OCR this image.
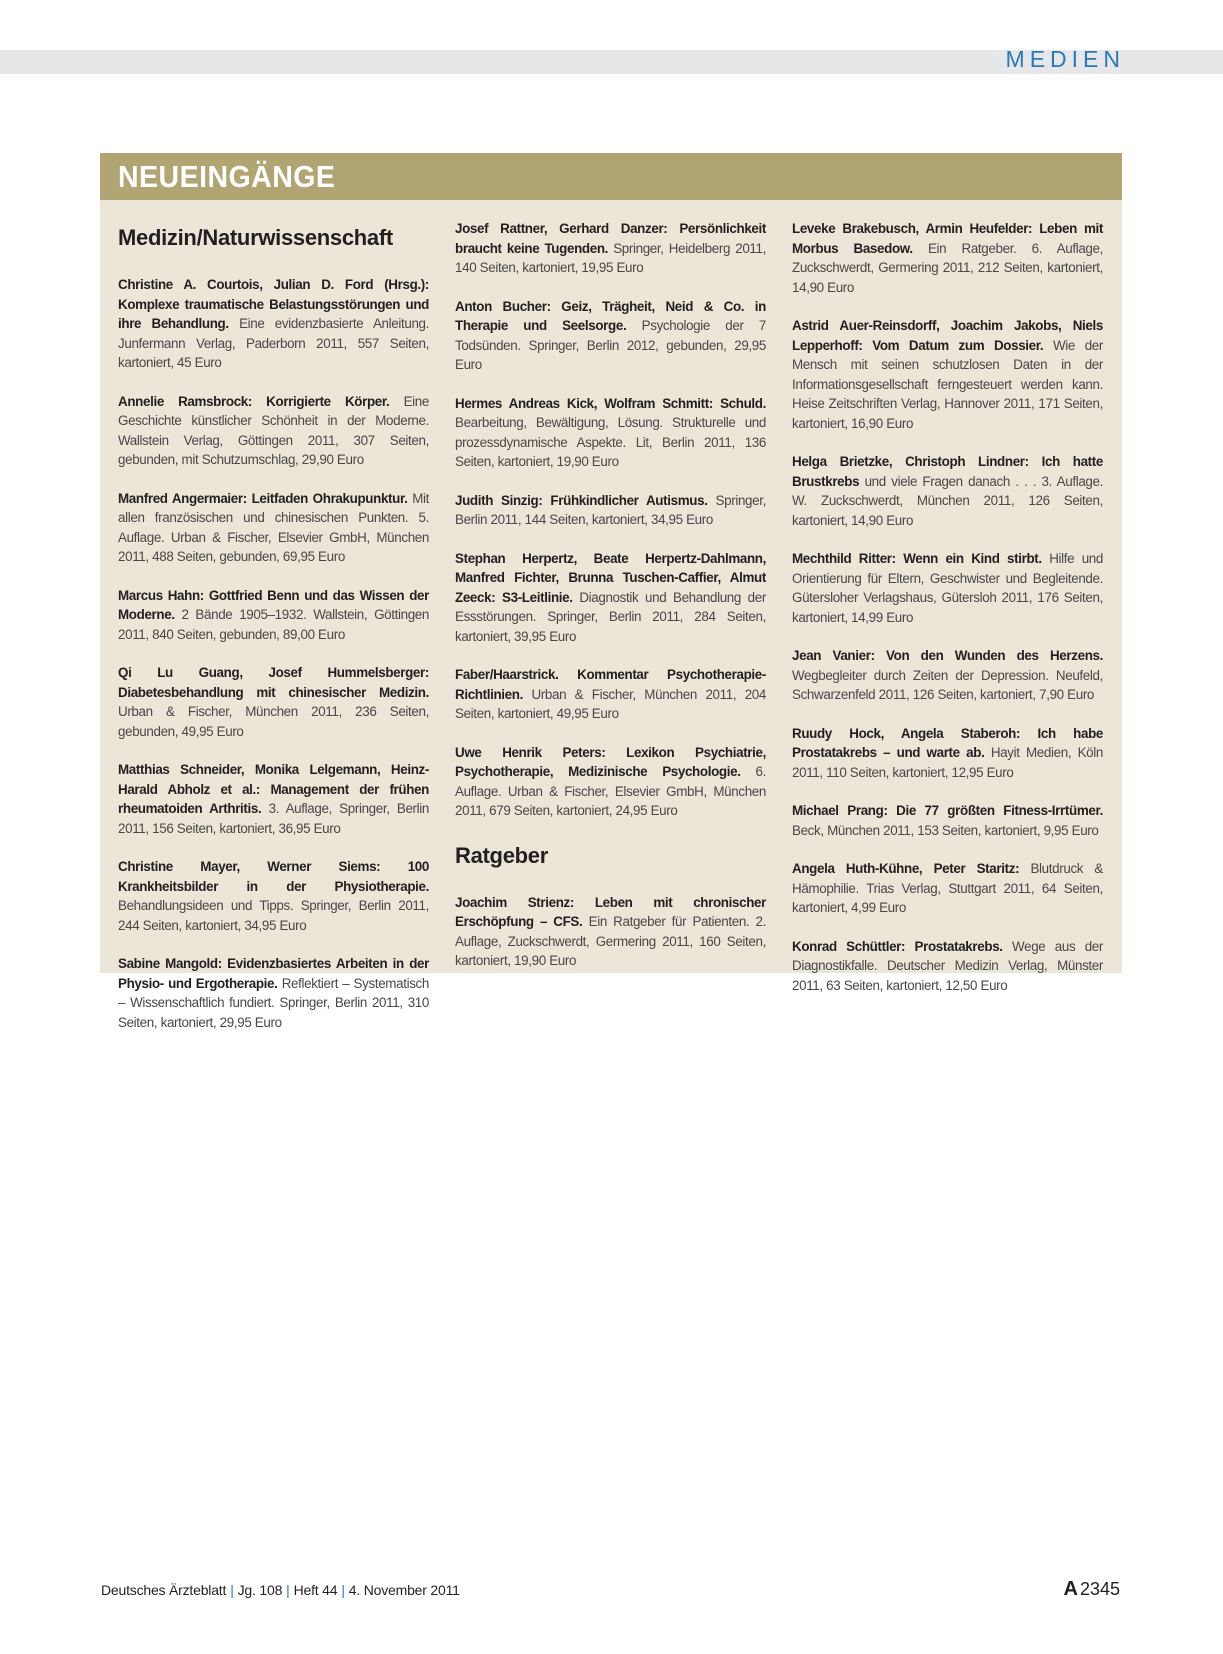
MEDIEN
NEUEINGÄNGE
Medizin/Naturwissenschaft

Christine A. Courtois, Julian D. Ford (Hrsg.): Komplexe traumatische Belastungsstörungen und ihre Behandlung. Eine evidenzbasierte Anleitung. Junfermann Verlag, Paderborn 2011, 557 Seiten, kartoniert, 45 Euro

Annelie Ramsbrock: Korrigierte Körper. Eine Geschichte künstlicher Schönheit in der Moderne. Wallstein Verlag, Göttingen 2011, 307 Seiten, gebunden, mit Schutzumschlag, 29,90 Euro

Manfred Angermaier: Leitfaden Ohrakupunktur. Mit allen französischen und chinesischen Punkten. 5. Auflage. Urban & Fischer, Elsevier GmbH, München 2011, 488 Seiten, gebunden, 69,95 Euro

Marcus Hahn: Gottfried Benn und das Wissen der Moderne. 2 Bände 1905–1932. Wallstein, Göttingen 2011, 840 Seiten, gebunden, 89,00 Euro

Qi Lu Guang, Josef Hummelsberger: Diabetesbehandlung mit chinesischer Medizin. Urban & Fischer, München 2011, 236 Seiten, gebunden, 49,95 Euro

Matthias Schneider, Monika Lelgemann, Heinz-Harald Abholz et al.: Management der frühen rheumatoiden Arthritis. 3. Auflage, Springer, Berlin 2011, 156 Seiten, kartoniert, 36,95 Euro

Christine Mayer, Werner Siems: 100 Krankheitsbilder in der Physiotherapie. Behandlungsideen und Tipps. Springer, Berlin 2011, 244 Seiten, kartoniert, 34,95 Euro

Sabine Mangold: Evidenzbasiertes Arbeiten in der Physio- und Ergotherapie. Reflektiert – Systematisch – Wissenschaftlich fundiert. Springer, Berlin 2011, 310 Seiten, kartoniert, 29,95 Euro

Josef Rattner, Gerhard Danzer: Persönlichkeit braucht keine Tugenden. Springer, Heidelberg 2011, 140 Seiten, kartoniert, 19,95 Euro

Anton Bucher: Geiz, Trägheit, Neid & Co. in Therapie und Seelsorge. Psychologie der 7 Todsünden. Springer, Berlin 2012, gebunden, 29,95 Euro

Hermes Andreas Kick, Wolfram Schmitt: Schuld. Bearbeitung, Bewältigung, Lösung. Strukturelle und prozessdynamische Aspekte. Lit, Berlin 2011, 136 Seiten, kartoniert, 19,90 Euro

Judith Sinzig: Frühkindlicher Autismus. Springer, Berlin 2011, 144 Seiten, kartoniert, 34,95 Euro

Stephan Herpertz, Beate Herpertz-Dahlmann, Manfred Fichter, Brunna Tuschen-Caffier, Almut Zeeck: S3-Leitlinie. Diagnostik und Behandlung der Essstörungen. Springer, Berlin 2011, 284 Seiten, kartoniert, 39,95 Euro

Faber/Haarstrick. Kommentar Psychotherapie-Richtlinien. Urban & Fischer, München 2011, 204 Seiten, kartoniert, 49,95 Euro

Uwe Henrik Peters: Lexikon Psychiatrie, Psychotherapie, Medizinische Psychologie. 6. Auflage. Urban & Fischer, Elsevier GmbH, München 2011, 679 Seiten, kartoniert, 24,95 Euro

Ratgeber

Joachim Strienz: Leben mit chronischer Erschöpfung – CFS. Ein Ratgeber für Patienten. 2. Auflage, Zuckschwerdt, Germering 2011, 160 Seiten, kartoniert, 19,90 Euro

Leveke Brakebusch, Armin Heufelder: Leben mit Morbus Basedow. Ein Ratgeber. 6. Auflage, Zuckschwerdt, Germering 2011, 212 Seiten, kartoniert, 14,90 Euro

Astrid Auer-Reinsdorff, Joachim Jakobs, Niels Lepperhoff: Vom Datum zum Dossier. Wie der Mensch mit seinen schutzlosen Daten in der Informationsgesellschaft ferngesteuert werden kann. Heise Zeitschriften Verlag, Hannover 2011, 171 Seiten, kartoniert, 16,90 Euro

Helga Brietzke, Christoph Lindner: Ich hatte Brustkrebs und viele Fragen danach . . . 3. Auflage. W. Zuckschwerdt, München 2011, 126 Seiten, kartoniert, 14,90 Euro

Mechthild Ritter: Wenn ein Kind stirbt. Hilfe und Orientierung für Eltern, Geschwister und Begleitende. Gütersloher Verlagshaus, Gütersloh 2011, 176 Seiten, kartoniert, 14,99 Euro

Jean Vanier: Von den Wunden des Herzens. Wegbegleiter durch Zeiten der Depression. Neufeld, Schwarzenfeld 2011, 126 Seiten, kartoniert, 7,90 Euro

Ruudy Hock, Angela Staberoh: Ich habe Prostatakrebs – und warte ab. Hayit Medien, Köln 2011, 110 Seiten, kartoniert, 12,95 Euro

Michael Prang: Die 77 größten Fitness-Irrtümer. Beck, München 2011, 153 Seiten, kartoniert, 9,95 Euro

Angela Huth-Kühne, Peter Staritz: Blutdruck & Hämophilie. Trias Verlag, Stuttgart 2011, 64 Seiten, kartoniert, 4,99 Euro

Konrad Schüttler: Prostatakrebs. Wege aus der Diagnostikfalle. Deutscher Medizin Verlag, Münster 2011, 63 Seiten, kartoniert, 12,50 Euro

Deutsches Ärzteblatt | Jg. 108 | Heft 44 | 4. November 2011	A 2345
